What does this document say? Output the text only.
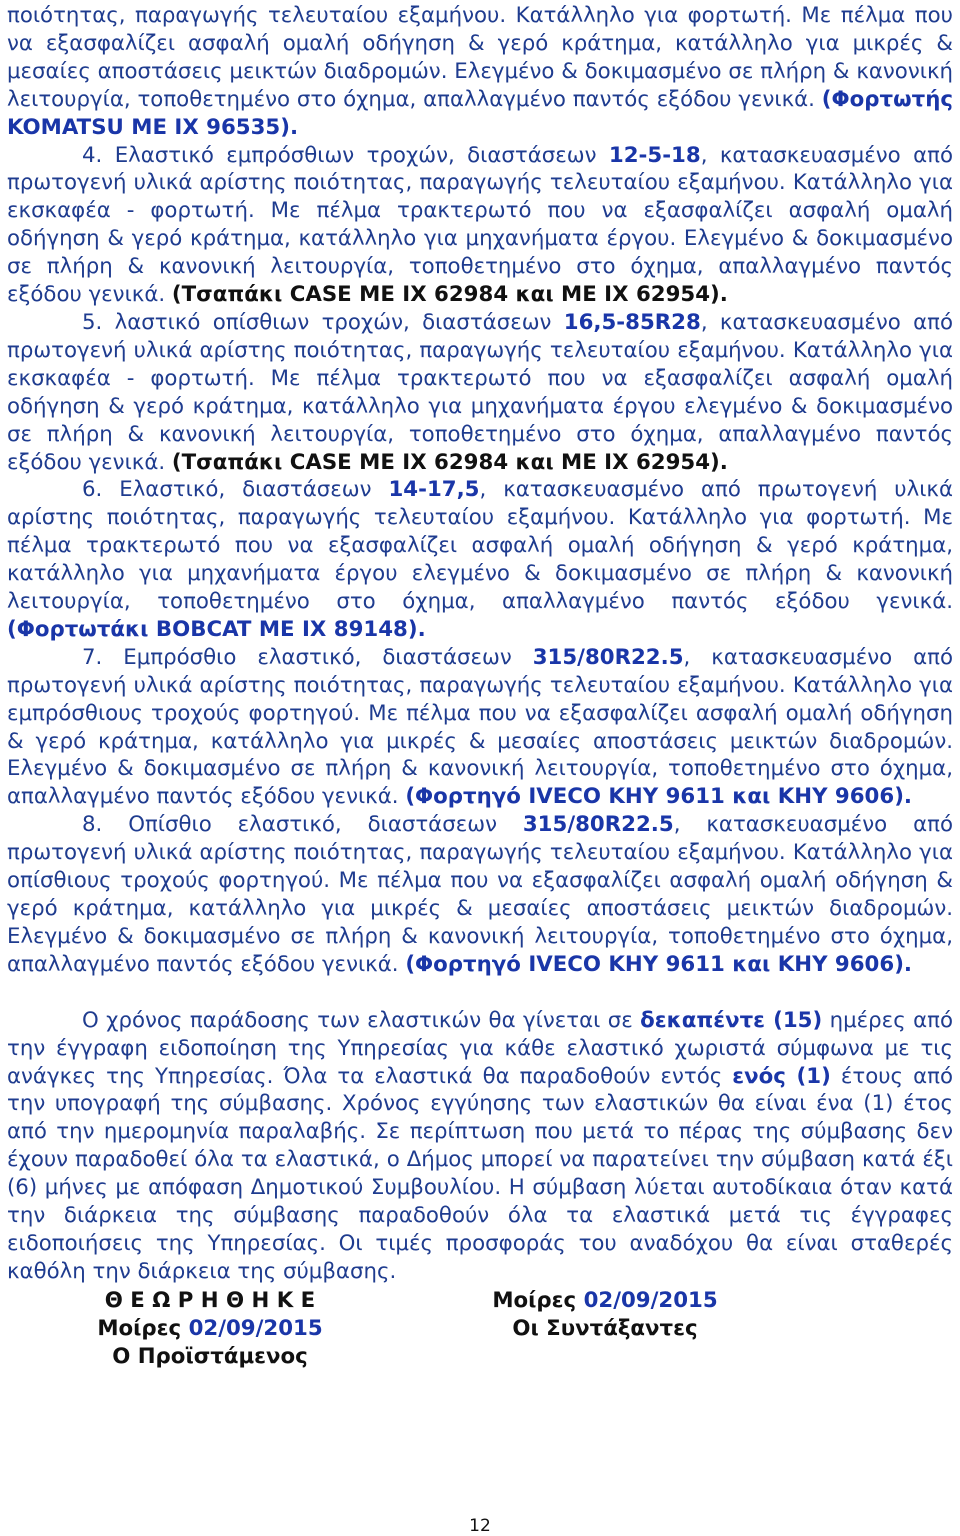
ποιότητας, παραγωγής τελευταίου εξαμήνου. Κατάλληλο για φορτωτή. Με πέλμα που να εξασφαλίζει ασφαλή ομαλή οδήγηση & γερό κράτημα, κατάλληλο για μικρές & μεσαίες αποστάσεις μεικτών διαδρομών. Ελεγμένο & δοκιμασμένο σε πλήρη & κανονική λειτουργία, τοποθετημένο στο όχημα, απαλλαγμένο παντός εξόδου γενικά. (Φορτωτής KOMATSU ME IX 96535).

4. Ελαστικό εμπρόσθιων τροχών, διαστάσεων 12-5-18, κατασκευασμένο από πρωτογενή υλικά αρίστης ποιότητας, παραγωγής τελευταίου εξαμήνου. Κατάλληλο για εκσκαφέα - φορτωτή. Με πέλμα τρακτερωτό που να εξασφαλίζει ασφαλή ομαλή οδήγηση & γερό κράτημα, κατάλληλο για μηχανήματα έργου. Ελεγμένο & δοκιμασμένο σε πλήρη & κανονική λειτουργία, τοποθετημένο στο όχημα, απαλλαγμένο παντός εξόδου γενικά. (Τσαπάκι CASE ME IX 62984 και ME IX 62954).

5. λαστικό οπίσθιων τροχών, διαστάσεων 16,5-85R28, κατασκευασμένο από πρωτογενή υλικά αρίστης ποιότητας, παραγωγής τελευταίου εξαμήνου. Κατάλληλο για εκσκαφέα - φορτωτή. Με πέλμα τρακτερωτό που να εξασφαλίζει ασφαλή ομαλή οδήγηση & γερό κράτημα, κατάλληλο για μηχανήματα έργου ελεγμένο & δοκιμασμένο σε πλήρη & κανονική λειτουργία, τοποθετημένο στο όχημα, απαλλαγμένο παντός εξόδου γενικά. (Τσαπάκι CASE ME IX 62984 και ME IX 62954).

6. Ελαστικό, διαστάσεων 14-17,5, κατασκευασμένο από πρωτογενή υλικά αρίστης ποιότητας, παραγωγής τελευταίου εξαμήνου. Κατάλληλο για φορτωτή. Με πέλμα τρακτερωτό που να εξασφαλίζει ασφαλή ομαλή οδήγηση & γερό κράτημα, κατάλληλο για μηχανήματα έργου ελεγμένο & δοκιμασμένο σε πλήρη & κανονική λειτουργία, τοποθετημένο στο όχημα, απαλλαγμένο παντός εξόδου γενικά. (Φορτωτάκι BOBCAT ME IX 89148).

7. Εμπρόσθιο ελαστικό, διαστάσεων 315/80R22.5, κατασκευασμένο από πρωτογενή υλικά αρίστης ποιότητας, παραγωγής τελευταίου εξαμήνου. Κατάλληλο για εμπρόσθιους τροχούς φορτηγού. Με πέλμα που να εξασφαλίζει ασφαλή ομαλή οδήγηση & γερό κράτημα, κατάλληλο για μικρές & μεσαίες αποστάσεις μεικτών διαδρομών. Ελεγμένο & δοκιμασμένο σε πλήρη & κανονική λειτουργία, τοποθετημένο στο όχημα, απαλλαγμένο παντός εξόδου γενικά. (Φορτηγό IVECO KHY 9611 και KHY 9606).

8. Οπίσθιο ελαστικό, διαστάσεων 315/80R22.5, κατασκευασμένο από πρωτογενή υλικά αρίστης ποιότητας, παραγωγής τελευταίου εξαμήνου. Κατάλληλο για οπίσθιους τροχούς φορτηγού. Με πέλμα που να εξασφαλίζει ασφαλή ομαλή οδήγηση & γερό κράτημα, κατάλληλο για μικρές & μεσαίες αποστάσεις μεικτών διαδρομών. Ελεγμένο & δοκιμασμένο σε πλήρη & κανονική λειτουργία, τοποθετημένο στο όχημα, απαλλαγμένο παντός εξόδου γενικά. (Φορτηγό IVECO KHY 9611 και KHY 9606).

Ο χρόνος παράδοσης των ελαστικών θα γίνεται σε δεκαπέντε (15) ημέρες από την έγγραφη ειδοποίηση της Υπηρεσίας για κάθε ελαστικό χωριστά σύμφωνα με τις ανάγκες της Υπηρεσίας. Όλα τα ελαστικά θα παραδοθούν εντός ενός (1) έτους από την υπογραφή της σύμβασης. Χρόνος εγγύησης των ελαστικών θα είναι ένα (1) έτος από την ημερομηνία παραλαβής. Σε περίπτωση που μετά το πέρας της σύμβασης δεν έχουν παραδοθεί όλα τα ελαστικά, ο Δήμος μπορεί να παρατείνει την σύμβαση κατά έξι (6) μήνες με απόφαση Δημοτικού Συμβουλίου. Η σύμβαση λύεται αυτοδίκαια όταν κατά την διάρκεια της σύμβασης παραδοθούν όλα τα ελαστικά μετά τις έγγραφες ειδοποιήσεις της Υπηρεσίας. Οι τιμές προσφοράς του αναδόχου θα είναι σταθερές καθόλη την διάρκεια της σύμβασης.

Θ Ε Ω Ρ Η Θ Η Κ Ε
Μοίρες 02/09/2015
Ο Προϊστάμενος
Μοίρες 02/09/2015
Οι Συντάξαντες
12
